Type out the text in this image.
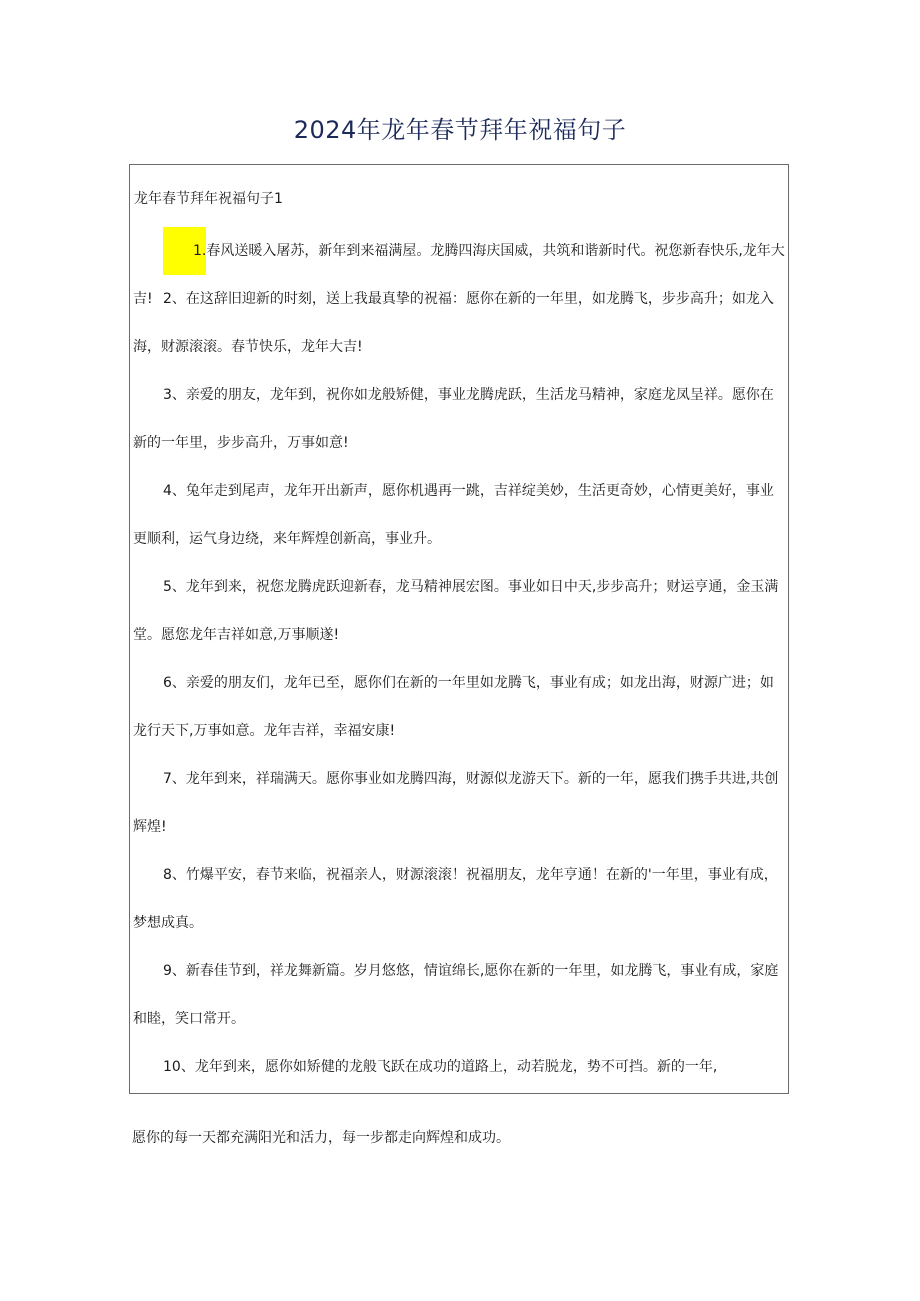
2024年龙年春节拜年祝福句子
龙年春节拜年祝福句子1

1.春风送暖入屠苏，新年到来福满屋。龙腾四海庆国威，共筑和谐新时代。祝您新春快乐,龙年大吉! 2、在这辞旧迎新的时刻，送上我最真挚的祝福：愿你在新的一年里，如龙腾飞，步步高升；如龙入海，财源滚滚。春节快乐，龙年大吉!

3、亲爱的朋友，龙年到，祝你如龙般矫健，事业龙腾虎跃，生活龙马精神，家庭龙凤呈祥。愿你在新的一年里，步步高升，万事如意!

4、兔年走到尾声，龙年开出新声，愿你机遇再一跳，吉祥绽美妙，生活更奇妙，心情更美好，事业更顺利，运气身边绕，来年辉煌创新高，事业升。

5、龙年到来，祝您龙腾虎跃迎新春，龙马精神展宏图。事业如日中天,步步高升；财运亨通，金玉满堂。愿您龙年吉祥如意,万事顺遂!

6、亲爱的朋友们，龙年已至，愿你们在新的一年里如龙腾飞，事业有成；如龙出海，财源广进；如龙行天下,万事如意。龙年吉祥，幸福安康!

7、龙年到来，祥瑞满天。愿你事业如龙腾四海，财源似龙游天下。新的一年，愿我们携手共进,共创辉煌!

8、竹爆平安，春节来临，祝福亲人，财源滚滚！祝福朋友，龙年亨通！在新的'一年里，事业有成，梦想成真。

9、新春佳节到，祥龙舞新篇。岁月悠悠，情谊绵长,愿你在新的一年里，如龙腾飞，事业有成，家庭和睦，笑口常开。

10、龙年到来，愿你如矫健的龙般飞跃在成功的道路上，动若脱龙，势不可挡。新的一年,

愿你的每一天都充满阳光和活力，每一步都走向辉煌和成功。
